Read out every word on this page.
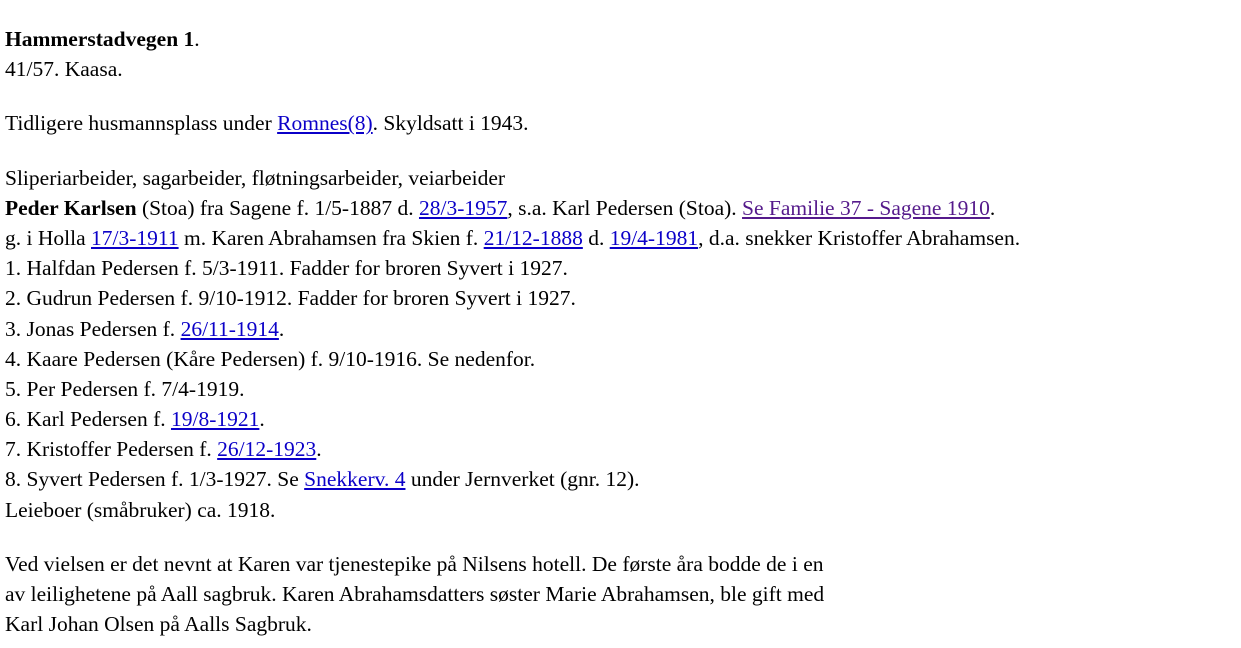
Hammerstadvegen 1.
41/57. Kaasa.
Tidligere husmannsplass under Romnes(8). Skyldsatt i 1943.
Sliperiarbeider, sagarbeider, fløtningsarbeider, veiarbeider
Peder Karlsen (Stoa) fra Sagene f. 1/5-1887 d. 28/3-1957, s.a. Karl Pedersen (Stoa). Se Familie 37 - Sagene 1910.
g. i Holla 17/3-1911 m. Karen Abrahamsen fra Skien f. 21/12-1888 d. 19/4-1981, d.a. snekker Kristoffer Abrahamsen.
1. Halfdan Pedersen f. 5/3-1911. Fadder for broren Syvert i 1927.
2. Gudrun Pedersen f. 9/10-1912. Fadder for broren Syvert i 1927.
3. Jonas Pedersen f. 26/11-1914.
4. Kaare Pedersen (Kåre Pedersen) f. 9/10-1916. Se nedenfor.
5. Per Pedersen f. 7/4-1919.
6. Karl Pedersen f. 19/8-1921.
7. Kristoffer Pedersen f. 26/12-1923.
8. Syvert Pedersen f. 1/3-1927. Se Snekkerv. 4 under Jernverket (gnr. 12).
Leieboer (småbruker) ca. 1918.
Ved vielsen er det nevnt at Karen var tjenestepike på Nilsens hotell. De første åra bodde de i en
av leilighetene på Aall sagbruk. Karen Abrahamsdatters søster Marie Abrahamsen, ble gift med
Karl Johan Olsen på Aalls Sagbruk.
